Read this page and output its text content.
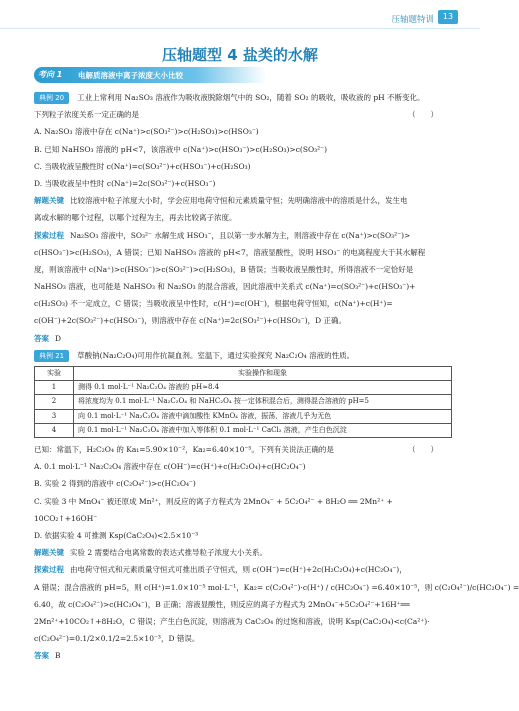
压轴题特训	13
压轴题型 4 盐类的水解
考向 1 电解质溶液中离子浓度大小比较
典例 20 工业上常利用 Na₂SO₃ 溶液作为吸收液脱除烟气中的 SO₂，随着 SO₂ 的吸收，吸收液的 pH 不断变化。
下列粒子浓度关系一定正确的是	（　　）
A. Na₂SO₃ 溶液中存在 c(Na⁺)>c(SO₃²⁻)>c(H₂SO₃)>c(HSO₃⁻)
B. 已知 NaHSO₃ 溶液的 pH<7，该溶液中 c(Na⁺)>c(HSO₃⁻)>c(H₂SO₃)>c(SO₃²⁻)
C. 当吸收液呈酸性时 c(Na⁺)=c(SO₃²⁻)+c(HSO₃⁻)+c(H₂SO₃)
D. 当吸收液呈中性时 c(Na⁺)=2c(SO₃²⁻)+c(HSO₃⁻)
解题关键 比较溶液中粒子浓度大小时，学会应用电荷守恒和元素质量守恒；先明确溶液中的溶质是什么，发生电
离或水解的哪个过程，以哪个过程为主，再去比较离子浓度。
探索过程 Na₂SO₃ 溶液中，SO₃²⁻ 水解生成 HSO₃⁻，且以第一步水解为主，则溶液中存在 c(Na⁺)>c(SO₃²⁻)>
c(HSO₃⁻)>c(H₂SO₃)，A 错误；已知 NaHSO₃ 溶液的 pH<7，溶液显酸性，说明 HSO₃⁻ 的电离程度大于其水解程
度，则该溶液中 c(Na⁺)>c(HSO₃⁻)>c(SO₃²⁻)>c(H₂SO₃)，B 错误；当吸收液呈酸性时，所得溶液不一定恰好是
NaHSO₃ 溶液，也可能是 NaHSO₃ 和 Na₂SO₃ 的混合溶液，因此溶液中关系式 c(Na⁺)=c(SO₃²⁻)+c(HSO₃⁻)+
c(H₂SO₃) 不一定成立，C 错误；当吸收液呈中性时，c(H⁺)=c(OH⁻)，根据电荷守恒知，c(Na⁺)+c(H⁺)=
c(OH⁻)+2c(SO₃²⁻)+c(HSO₃⁻)，则溶液中存在 c(Na⁺)=2c(SO₃²⁻)+c(HSO₃⁻)，D 正确。
答案 D
典例 21 草酸钠(Na₂C₂O₄)可用作抗凝血剂。室温下，通过实验探究 Na₂C₂O₄ 溶液的性质。
实验	实验操作和现象
1	测得 0.1 mol·L⁻¹ Na₂C₂O₄ 溶液的 pH≈8.4
2	将浓度均为 0.1 mol·L⁻¹ Na₂C₂O₄ 和 NaHC₂O₄ 按一定体积混合后，测得混合溶液的 pH=5
3	向 0.1 mol·L⁻¹ Na₂C₂O₄ 溶液中滴加酸性 KMnO₄ 溶液，振荡，溶液几乎为无色
4	向 0.1 mol·L⁻¹ Na₂C₂O₄ 溶液中加入等体积 0.1 mol·L⁻¹ CaCl₂ 溶液，产生白色沉淀
已知：常温下，H₂C₂O₄ 的 Ka₁=5.90×10⁻²，Ka₂=6.40×10⁻⁵。下列有关说法正确的是	（　　）
A. 0.1 mol·L⁻¹ Na₂C₂O₄ 溶液中存在 c(OH⁻)=c(H⁺)+c(H₂C₂O₄)+c(HC₂O₄⁻)
B. 实验 2 得到的溶液中 c(C₂O₄²⁻)>c(HC₂O₄⁻)
C. 实验 3 中 MnO₄⁻ 被还原成 Mn²⁺，则反应的离子方程式为 2MnO₄⁻ + 5C₂O₄²⁻ + 8H₂O ══ 2Mn²⁺ +
10CO₂↑+16OH⁻
D. 依据实验 4 可推测 Ksp(CaC₂O₄)<2.5×10⁻³
解题关键 实验 2 需要结合电离常数的表达式推导粒子浓度大小关系。
探索过程 由电荷守恒式和元素质量守恒式可推出质子守恒式，则 c(OH⁻)=c(H⁺)+2c(H₂C₂O₄)+c(HC₂O₄⁻)，
A 错误；混合溶液的 pH=5，则 c(H⁺)=1.0×10⁻⁵ mol·L⁻¹，Ka₂= c(C₂O₄²⁻)·c(H⁺) / c(HC₂O₄⁻) =6.40×10⁻⁵，则 c(C₂O₄²⁻)/c(HC₂O₄⁻) =
6.40，故 c(C₂O₄²⁻)>c(HC₂O₄⁻)，B 正确；溶液显酸性，则反应的离子方程式为 2MnO₄⁻+5C₂O₄²⁻+16H⁺══
2Mn²⁺+10CO₂↑+8H₂O，C 错误；产生白色沉淀，则溶液为 CaC₂O₄ 的过饱和溶液，说明 Ksp(CaC₂O₄)<c(Ca²⁺)·
c(C₂O₄²⁻)=0.1/2×0.1/2=2.5×10⁻³，D 错误。
答案 B
